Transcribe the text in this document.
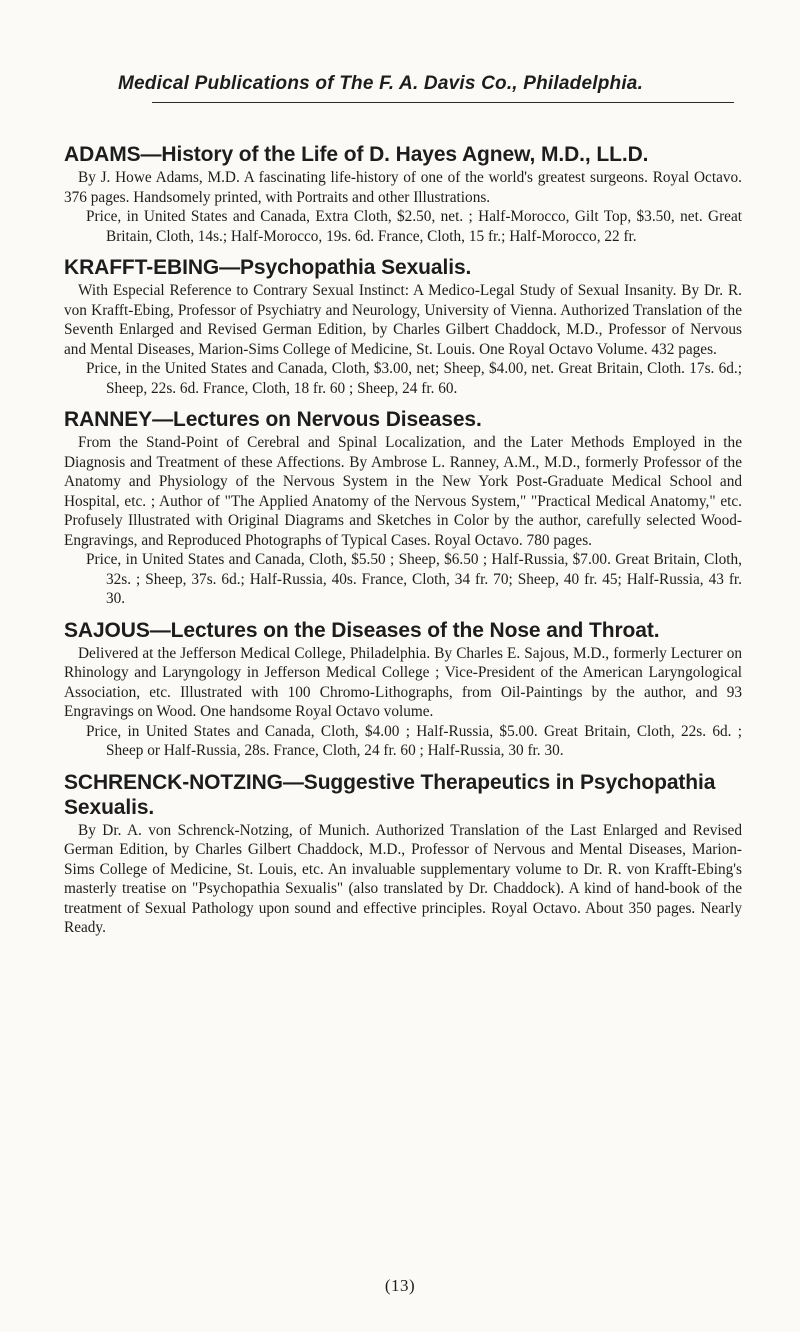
Medical Publications of The F. A. Davis Co., Philadelphia.
ADAMS—History of the Life of D. Hayes Agnew, M.D., LL.D.

By J. Howe Adams, M.D. A fascinating life-history of one of the world's greatest surgeons. Royal Octavo. 376 pages. Handsomely printed, with Portraits and other Illustrations.

Price, in United States and Canada, Extra Cloth, $2.50, net. ; Half-Morocco, Gilt Top, $3.50, net. Great Britain, Cloth, 14s.; Half-Morocco, 19s. 6d. France, Cloth, 15 fr.; Half-Morocco, 22 fr.

KRAFFT-EBING—Psychopathia Sexualis.

With Especial Reference to Contrary Sexual Instinct: A Medico-Legal Study of Sexual Insanity. By Dr. R. von Krafft-Ebing, Professor of Psychiatry and Neurology, University of Vienna. Authorized Translation of the Seventh Enlarged and Revised German Edition, by Charles Gilbert Chaddock, M.D., Professor of Nervous and Mental Diseases, Marion-Sims College of Medicine, St. Louis. One Royal Octavo Volume. 432 pages.

Price, in the United States and Canada, Cloth, $3.00, net; Sheep, $4.00, net. Great Britain, Cloth. 17s. 6d.; Sheep, 22s. 6d. France, Cloth, 18 fr. 60 ; Sheep, 24 fr. 60.

RANNEY—Lectures on Nervous Diseases.

From the Stand-Point of Cerebral and Spinal Localization, and the Later Methods Employed in the Diagnosis and Treatment of these Affections. By Ambrose L. Ranney, A.M., M.D., formerly Professor of the Anatomy and Physiology of the Nervous System in the New York Post-Graduate Medical School and Hospital, etc. ; Author of "The Applied Anatomy of the Nervous System," "Practical Medical Anatomy," etc. Profusely Illustrated with Original Diagrams and Sketches in Color by the author, carefully selected Wood-Engravings, and Reproduced Photographs of Typical Cases. Royal Octavo. 780 pages.

Price, in United States and Canada, Cloth, $5.50 ; Sheep, $6.50 ; Half-Russia, $7.00. Great Britain, Cloth, 32s. ; Sheep, 37s. 6d.; Half-Russia, 40s. France, Cloth, 34 fr. 70; Sheep, 40 fr. 45; Half-Russia, 43 fr. 30.

SAJOUS—Lectures on the Diseases of the Nose and Throat.

Delivered at the Jefferson Medical College, Philadelphia. By Charles E. Sajous, M.D., formerly Lecturer on Rhinology and Laryngology in Jefferson Medical College ; Vice-President of the American Laryngological Association, etc. Illustrated with 100 Chromo-Lithographs, from Oil-Paintings by the author, and 93 Engravings on Wood. One handsome Royal Octavo volume.

Price, in United States and Canada, Cloth, $4.00 ; Half-Russia, $5.00. Great Britain, Cloth, 22s. 6d. ; Sheep or Half-Russia, 28s. France, Cloth, 24 fr. 60 ; Half-Russia, 30 fr. 30.

SCHRENCK-NOTZING—Suggestive Therapeutics in Psychopathia Sexualis.

By Dr. A. von Schrenck-Notzing, of Munich. Authorized Translation of the Last Enlarged and Revised German Edition, by Charles Gilbert Chaddock, M.D., Professor of Nervous and Mental Diseases, Marion-Sims College of Medicine, St. Louis, etc. An invaluable supplementary volume to Dr. R. von Krafft-Ebing's masterly treatise on "Psychopathia Sexualis" (also translated by Dr. Chaddock). A kind of hand-book of the treatment of Sexual Pathology upon sound and effective principles. Royal Octavo. About 350 pages. Nearly Ready.

(13)
